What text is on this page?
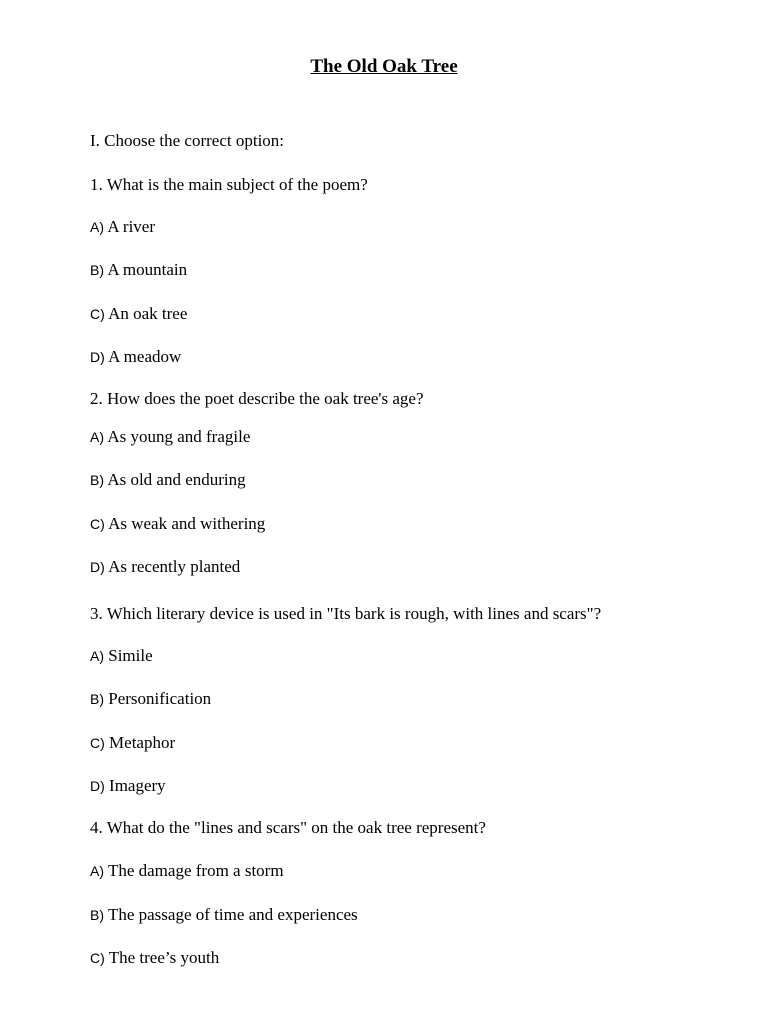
The Old Oak Tree
I. Choose the correct option:
1. What is the main subject of the poem?
A) A river
B) A mountain
C) An oak tree
D) A meadow
2. How does the poet describe the oak tree's age?
A) As young and fragile
B) As old and enduring
C) As weak and withering
D) As recently planted
3. Which literary device is used in "Its bark is rough, with lines and scars"?
A) Simile
B) Personification
C) Metaphor
D) Imagery
4. What do the "lines and scars" on the oak tree represent?
A) The damage from a storm
B) The passage of time and experiences
C) The tree’s youth
